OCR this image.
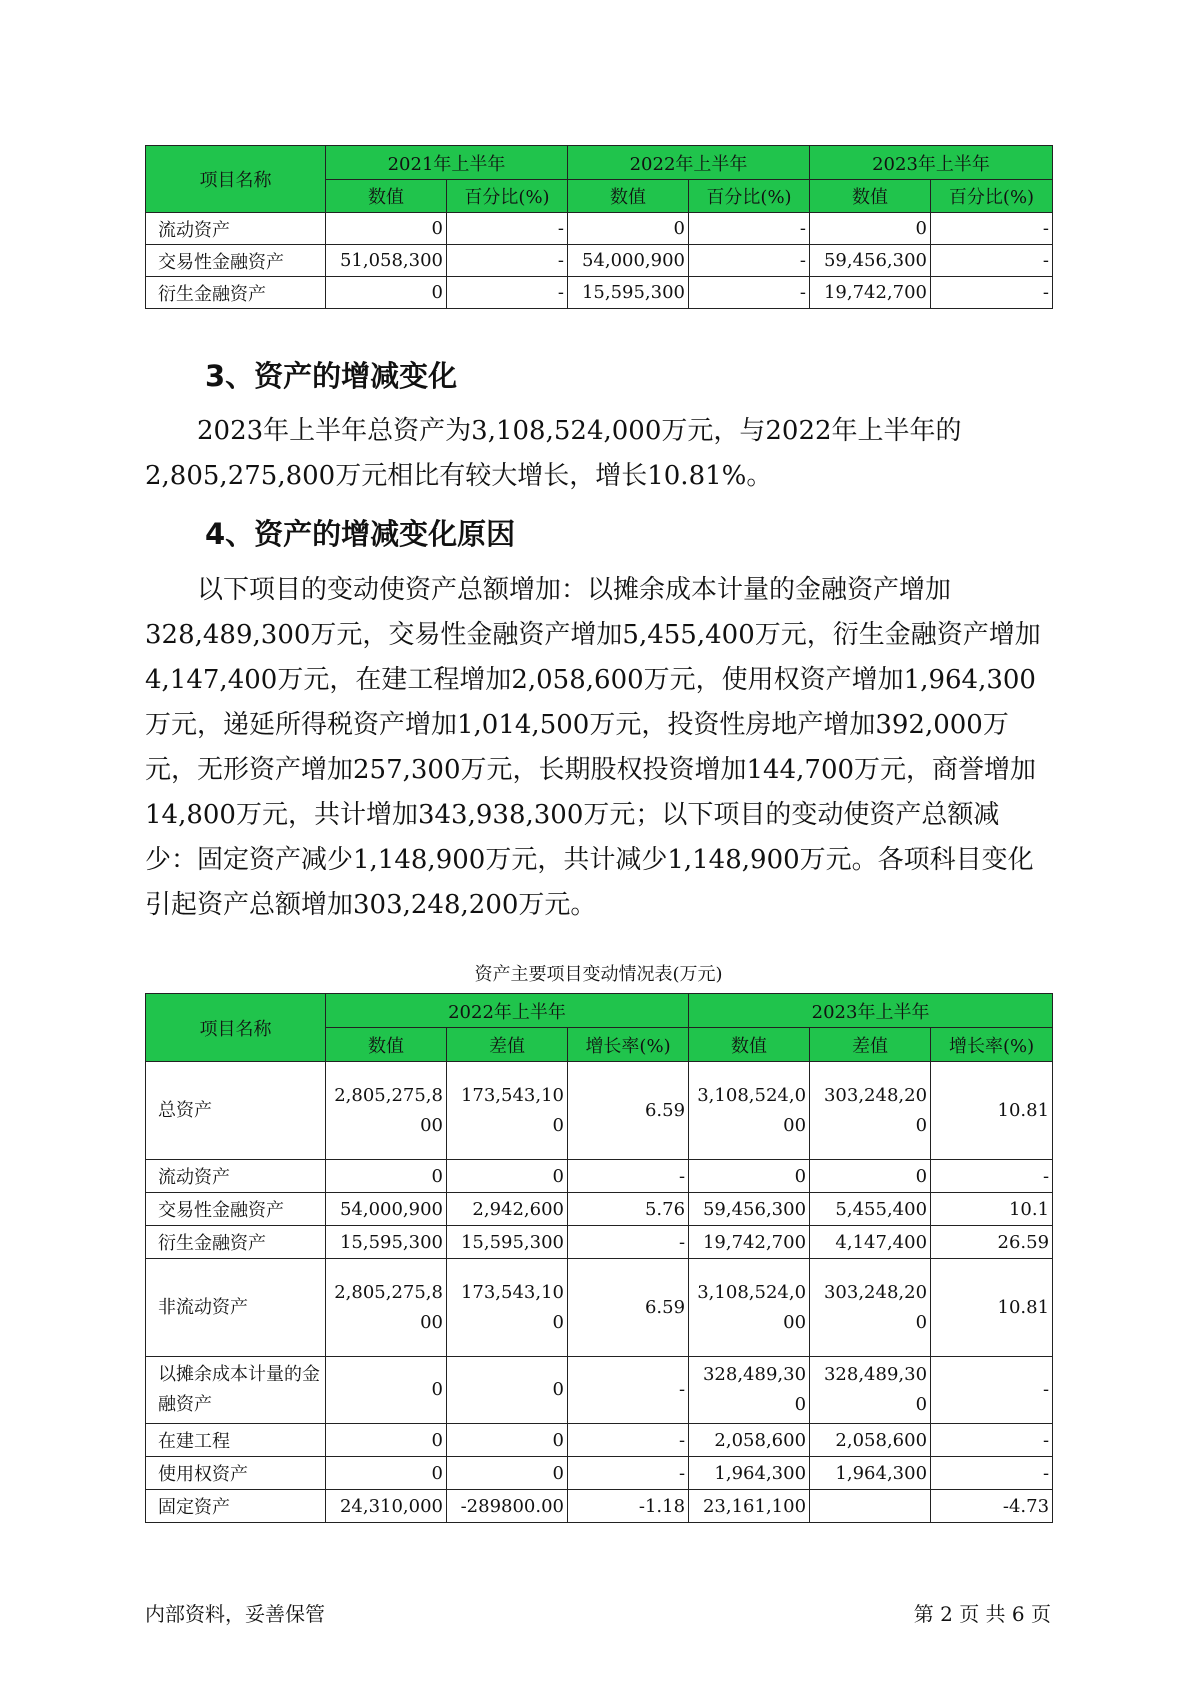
项目名称	2021年上半年		2022年上半年		2023年上半年	
	数值	百分比(%)	数值	百分比(%)	数值	百分比(%)
流动资产	0	-	0	-	0	-
交易性金融资产	51,058,300	-	54,000,900	-	59,456,300	-
衍生金融资产	0	-	15,595,300	-	19,742,700	-
3、资产的增减变化
2023年上半年总资产为3,108,524,000万元，与2022年上半年的2,805,275,800万元相比有较大增长，增长10.81%。
4、资产的增减变化原因
以下项目的变动使资产总额增加：以摊余成本计量的金融资产增加328,489,300万元，交易性金融资产增加5,455,400万元，衍生金融资产增加4,147,400万元，在建工程增加2,058,600万元，使用权资产增加1,964,300万元，递延所得税资产增加1,014,500万元，投资性房地产增加392,000万元，无形资产增加257,300万元，长期股权投资增加144,700万元，商誉增加14,800万元，共计增加343,938,300万元；以下项目的变动使资产总额减少：固定资产减少1,148,900万元，共计减少1,148,900万元。各项科目变化引起资产总额增加303,248,200万元。
资产主要项目变动情况表(万元)
项目名称	2022年上半年			2023年上半年		
	数值	差值	增长率(%)	数值	差值	增长率(%)
总资产	2,805,275,800	173,543,100	6.59	3,108,524,000	303,248,200	10.81
流动资产	0	0	-	0	0	-
交易性金融资产	54,000,900	2,942,600	5.76	59,456,300	5,455,400	10.1
衍生金融资产	15,595,300	15,595,300	-	19,742,700	4,147,400	26.59
非流动资产	2,805,275,800	173,543,100	6.59	3,108,524,000	303,248,200	10.81
以摊余成本计量的金融资产	0	0	-	328,489,300	328,489,300	-
在建工程	0	0	-	2,058,600	2,058,600	-
使用权资产	0	0	-	1,964,300	1,964,300	-
固定资产	24,310,000	-289800.00	-1.18	23,161,100		-4.73
内部资料，妥善保管	第 2 页 共 6 页
